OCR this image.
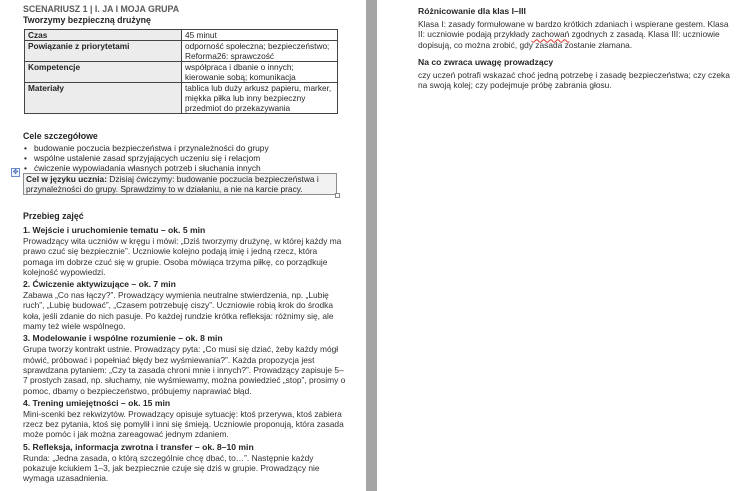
SCENARIUSZ 1 | I. JA I MOJA GRUPA
Tworzymy bezpieczną drużynę
Czas	45 minut
Powiązanie z priorytetami	odporność społeczna; bezpieczeństwo; Reforma26: sprawczość
Kompetencje	współpraca i dbanie o innych; kierowanie sobą; komunikacja
Materiały	tablica lub duży arkusz papieru, marker, miękka piłka lub inny bezpieczny przedmiot do przekazywania
Cele szczegółowe
• budowanie poczucia bezpieczeństwa i przynależności do grupy
• wspólne ustalenie zasad sprzyjających uczeniu się i relacjom
• ćwiczenie wypowiadania własnych potrzeb i słuchania innych
✥
Cel w języku ucznia: Dzisiaj ćwiczymy: budowanie poczucia bezpieczeństwa i przynależności do grupy. Sprawdzimy to w działaniu, a nie na karcie pracy.
Przebieg zajęć
1. Wejście i uruchomienie tematu – ok. 5 min
Prowadzący wita uczniów w kręgu i mówi: „Dziś tworzymy drużynę, w której każdy ma prawo czuć się bezpiecznie”. Uczniowie kolejno podają imię i jedną rzecz, która pomaga im dobrze czuć się w grupie. Osoba mówiąca trzyma piłkę, co porządkuje kolejność wypowiedzi.
2. Ćwiczenie aktywizujące – ok. 7 min
Zabawa „Co nas łączy?”. Prowadzący wymienia neutralne stwierdzenia, np. „Lubię ruch”, „Lubię budować”, „Czasem potrzebuję ciszy”. Uczniowie robią krok do środka koła, jeśli zdanie do nich pasuje. Po każdej rundzie krótka refleksja: różnimy się, ale mamy też wiele wspólnego.
3. Modelowanie i wspólne rozumienie – ok. 8 min
Grupa tworzy kontrakt ustnie. Prowadzący pyta: „Co musi się dziać, żeby każdy mógł mówić, próbować i popełniać błędy bez wyśmiewania?”. Każda propozycja jest sprawdzana pytaniem: „Czy ta zasada chroni mnie i innych?”. Prowadzący zapisuje 5–7 prostych zasad, np. słuchamy, nie wyśmiewamy, można powiedzieć „stop”, prosimy o pomoc, dbamy o bezpieczeństwo, próbujemy naprawiać błąd.
4. Trening umiejętności – ok. 15 min
Mini-scenki bez rekwizytów. Prowadzący opisuje sytuację: ktoś przerywa, ktoś zabiera rzecz bez pytania, ktoś się pomylił i inni się śmieją. Uczniowie proponują, która zasada może pomóc i jak można zareagować jednym zdaniem.
5. Refleksja, informacja zwrotna i transfer – ok. 8–10 min
Runda: „Jedna zasada, o którą szczególnie chcę dbać, to…”. Następnie każdy pokazuje kciukiem 1–3, jak bezpiecznie czuje się dziś w grupie. Prowadzący nie wymaga uzasadnienia.
Różnicowanie dla klas I–III
Klasa I: zasady formułowane w bardzo krótkich zdaniach i wspierane gestem. Klasa II: uczniowie podają przykłady zachowań zgodnych z zasadą. Klasa III: uczniowie dopisują, co można zrobić, gdy zasada zostanie złamana.
Na co zwraca uwagę prowadzący
czy uczeń potrafi wskazać choć jedną potrzebę i zasadę bezpieczeństwa; czy czeka na swoją kolej; czy podejmuje próbę zabrania głosu.
